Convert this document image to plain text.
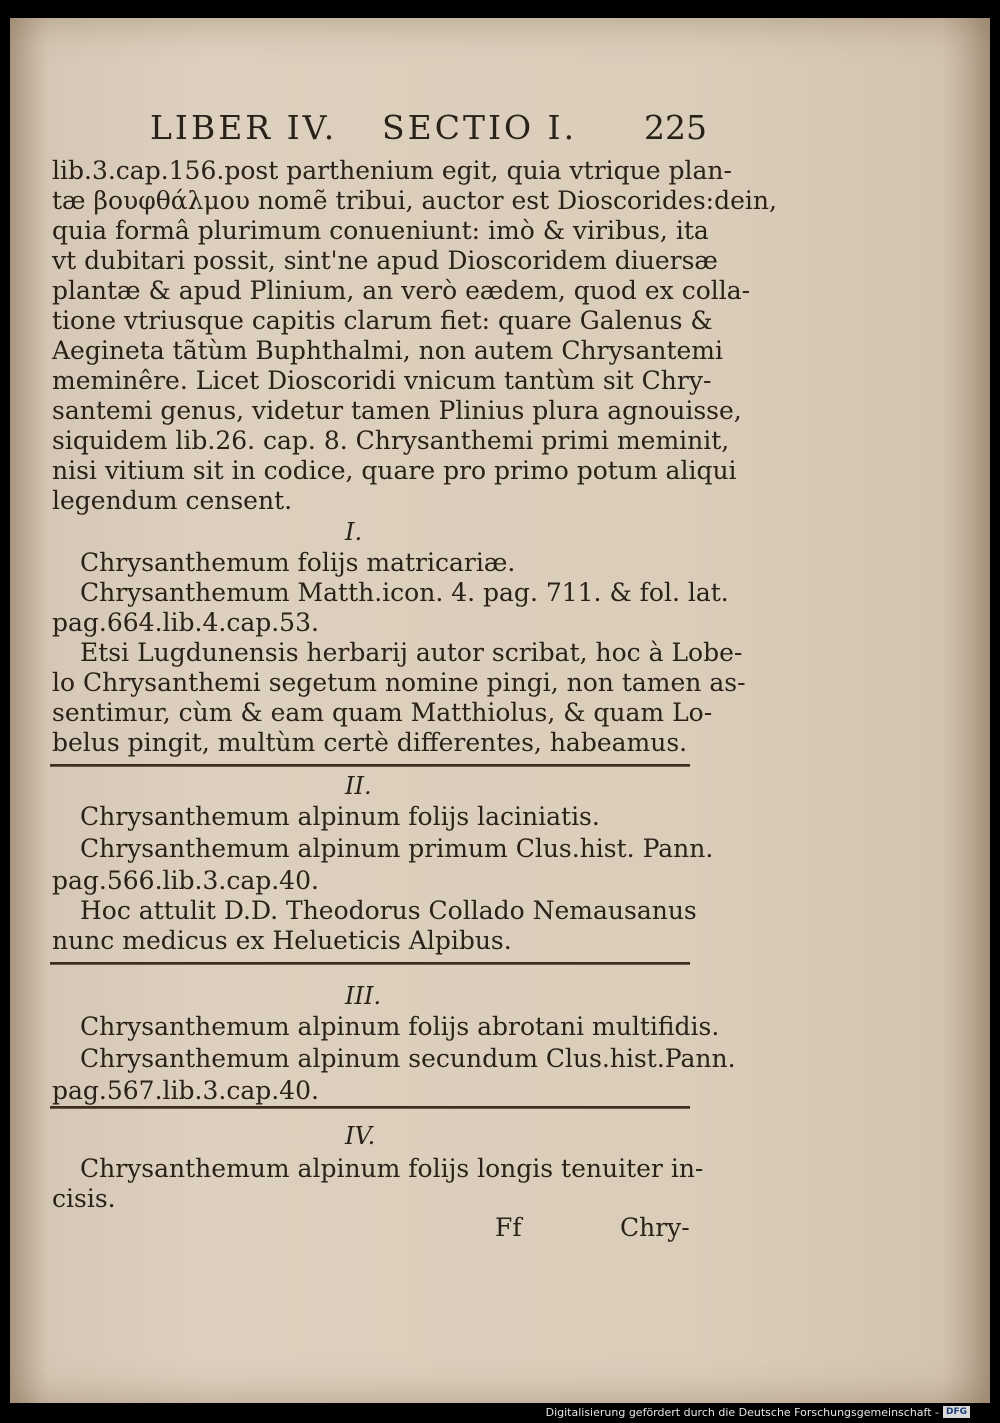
LIBER IV. SECTIO I. 225
lib.3.cap.156.post parthenium egit, quia vtrique plan-
tæ βουφθάλμου nomẽ tribui, auctor est Dioscorides:dein,
quia formâ plurimum conueniunt: imò & viribus, ita
vt dubitari possit, sint'ne apud Dioscoridem diuersæ
plantæ & apud Plinium, an verò eædem, quod ex colla-
tione vtriusque capitis clarum fiet: quare Galenus &
Aegineta tãtùm Buphthalmi, non autem Chrysantemi
meminêre. Licet Dioscoridi vnicum tantùm sit Chry-
santemi genus, videtur tamen Plinius plura agnouisse,
siquidem lib.26. cap. 8. Chrysanthemi primi meminit,
nisi vitium sit in codice, quare pro primo potum aliqui
legendum censent.
I.
Chrysanthemum folijs matricariæ.
Chrysanthemum Matth.icon. 4. pag. 711. & fol. lat.
pag.664.lib.4.cap.53.
Etsi Lugdunensis herbarij autor scribat, hoc à Lobe-
lo Chrysanthemi segetum nomine pingi, non tamen as-
sentimur, cùm & eam quam Matthiolus, & quam Lo-
belus pingit, multùm certè differentes, habeamus.
II.
Chrysanthemum alpinum folijs laciniatis.
Chrysanthemum alpinum primum Clus.hist. Pann.
pag.566.lib.3.cap.40.
Hoc attulit D.D. Theodorus Collado Nemausanus
nunc medicus ex Helueticis Alpibus.
III.
Chrysanthemum alpinum folijs abrotani multifidis.
Chrysanthemum alpinum secundum Clus.hist.Pann.
pag.567.lib.3.cap.40.
IV.
Chrysanthemum alpinum folijs longis tenuiter in-
cisis.
Ff	Chry-
Digitalisierung gefördert durch die Deutsche Forschungsgemeinschaft - DFG
